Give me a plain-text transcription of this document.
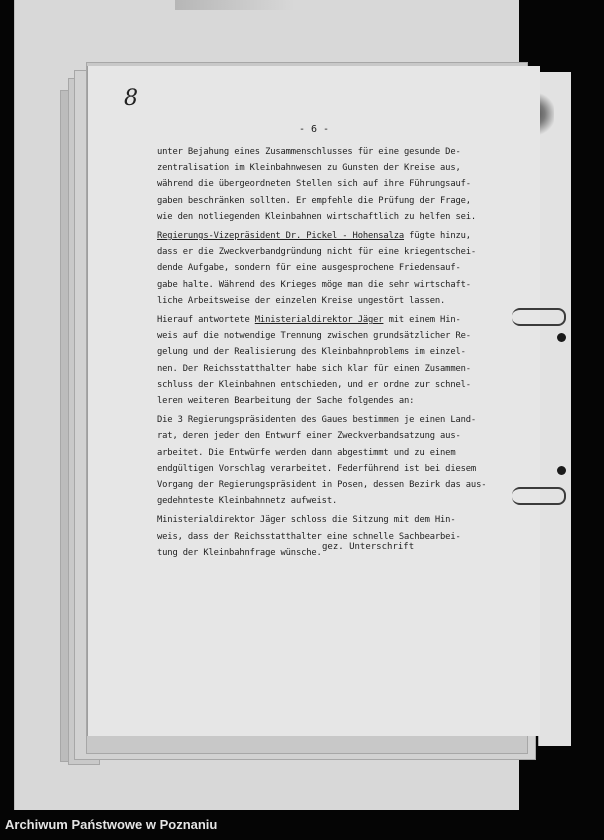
8
- 6 -

unter Bejahung eines Zusammenschlusses für eine gesunde De-
zentralisation im Kleinbahnwesen zu Gunsten der Kreise aus,
während die übergeordneten Stellen sich auf ihre Führungsauf-
gaben beschränken sollten. Er empfehle die Prüfung der Frage,
wie den notliegenden Kleinbahnen wirtschaftlich zu helfen sei.

Regierungs-Vizepräsident Dr. Pickel - Hohensalza fügte hinzu,
dass er die Zweckverbandgründung nicht für eine kriegentschei-
dende Aufgabe, sondern für eine ausgesprochene Friedensauf-
gabe halte. Während des Krieges möge man die sehr wirtschaft-
liche Arbeitsweise der einzelen Kreise ungestört lassen.

Hierauf antwortete Ministerialdirektor Jäger mit einem Hin-
weis auf die notwendige Trennung zwischen grundsätzlicher Re-
gelung und der Realisierung des Kleinbahnproblems im einzel-
nen. Der Reichsstatthalter habe sich klar für einen Zusammen-
schluss der Kleinbahnen entschieden, und er ordne zur schnel-
leren weiteren Bearbeitung der Sache folgendes an:

Die 3 Regierungspräsidenten des Gaues bestimmen je einen Land-
rat, deren jeder den Entwurf einer Zweckverbandsatzung aus-
arbeitet. Die Entwürfe werden dann abgestimmt und zu einem
endgültigen Vorschlag verarbeitet. Federführend ist bei diesem
Vorgang der Regierungspräsident in Posen, dessen Bezirk das aus-
gedehnteste Kleinbahnnetz aufweist.

Ministerialdirektor Jäger schloss die Sitzung mit dem Hin-
weis, dass der Reichsstatthalter eine schnelle Sachbearbei-
tung der Kleinbahnfrage wünsche.

gez. Unterschrift
Archiwum Państwowe w Poznaniu
